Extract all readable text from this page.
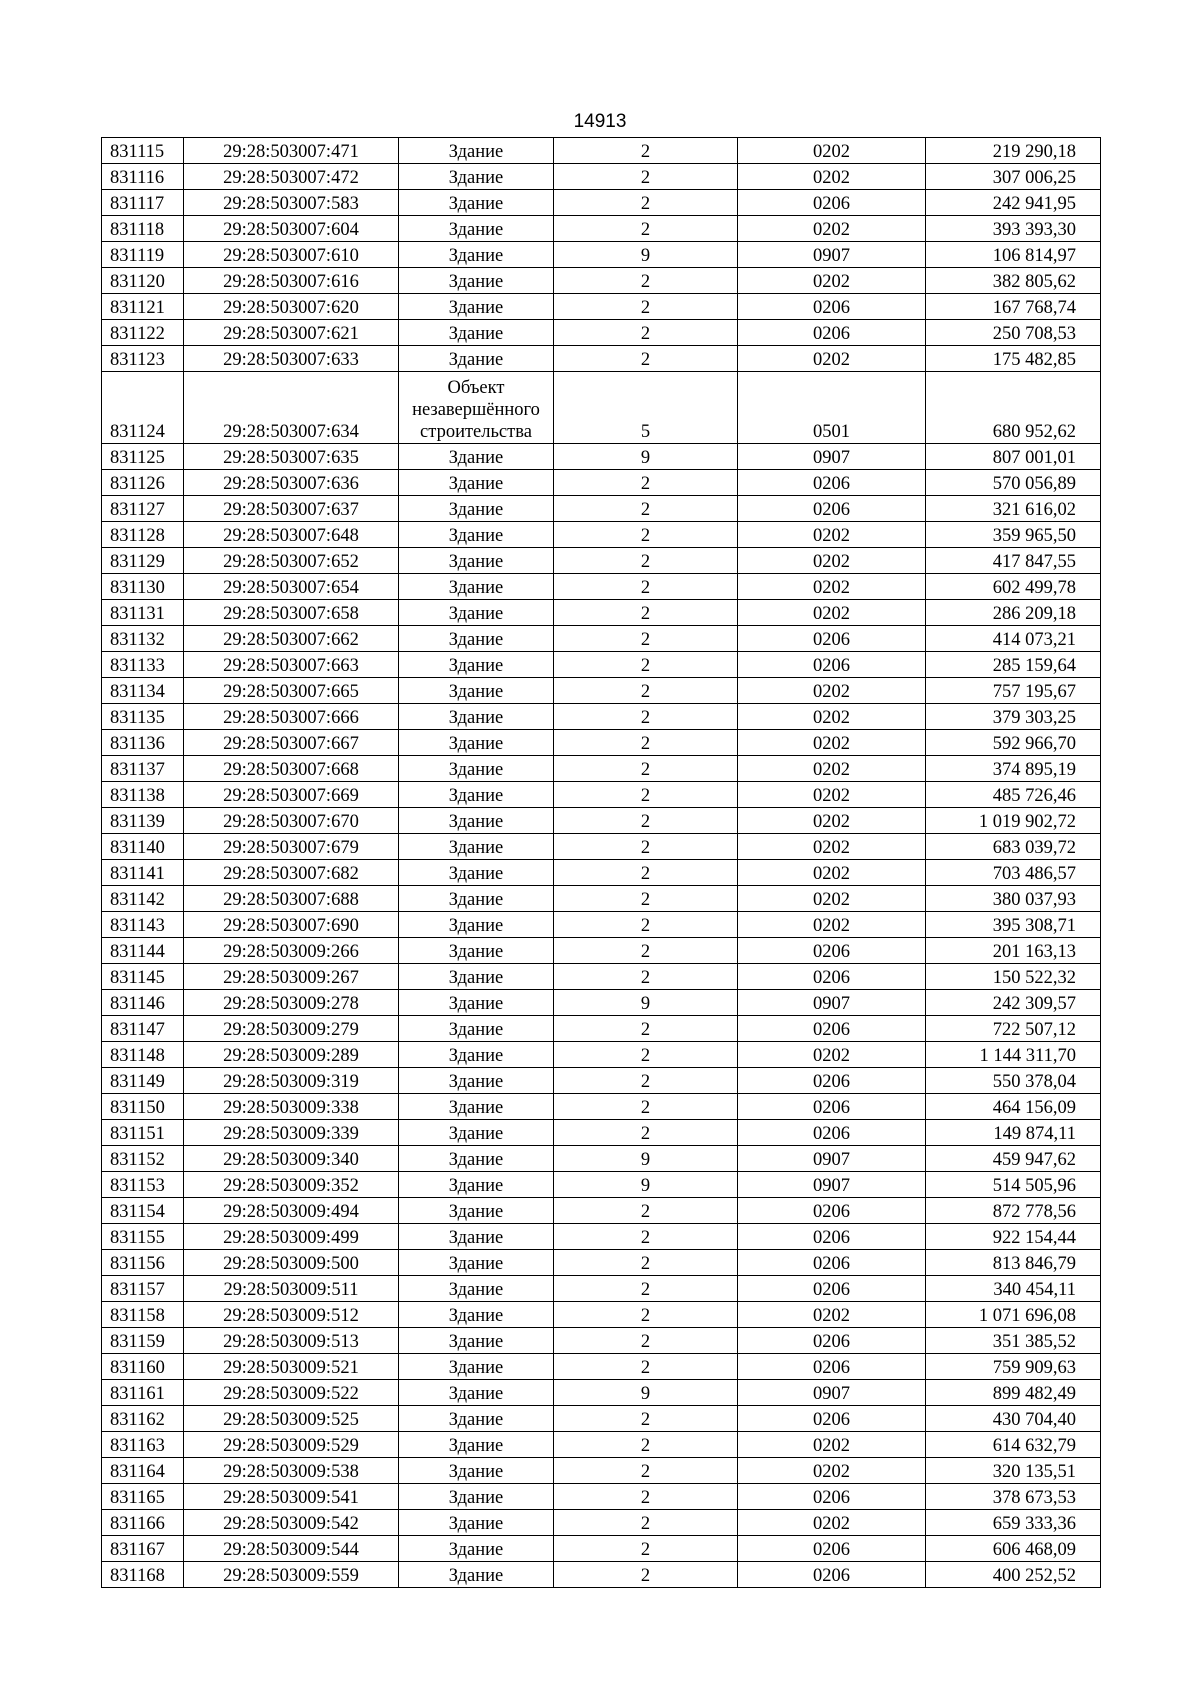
14913
831115	29:28:503007:471	Здание	2	0202	219 290,18
831116	29:28:503007:472	Здание	2	0202	307 006,25
831117	29:28:503007:583	Здание	2	0206	242 941,95
831118	29:28:503007:604	Здание	2	0202	393 393,30
831119	29:28:503007:610	Здание	9	0907	106 814,97
831120	29:28:503007:616	Здание	2	0202	382 805,62
831121	29:28:503007:620	Здание	2	0206	167 768,74
831122	29:28:503007:621	Здание	2	0206	250 708,53
831123	29:28:503007:633	Здание	2	0202	175 482,85
831124	29:28:503007:634	Объект незавершённого строительства	5	0501	680 952,62
831125	29:28:503007:635	Здание	9	0907	807 001,01
831126	29:28:503007:636	Здание	2	0206	570 056,89
831127	29:28:503007:637	Здание	2	0206	321 616,02
831128	29:28:503007:648	Здание	2	0202	359 965,50
831129	29:28:503007:652	Здание	2	0202	417 847,55
831130	29:28:503007:654	Здание	2	0202	602 499,78
831131	29:28:503007:658	Здание	2	0202	286 209,18
831132	29:28:503007:662	Здание	2	0206	414 073,21
831133	29:28:503007:663	Здание	2	0206	285 159,64
831134	29:28:503007:665	Здание	2	0202	757 195,67
831135	29:28:503007:666	Здание	2	0202	379 303,25
831136	29:28:503007:667	Здание	2	0202	592 966,70
831137	29:28:503007:668	Здание	2	0202	374 895,19
831138	29:28:503007:669	Здание	2	0202	485 726,46
831139	29:28:503007:670	Здание	2	0202	1 019 902,72
831140	29:28:503007:679	Здание	2	0202	683 039,72
831141	29:28:503007:682	Здание	2	0202	703 486,57
831142	29:28:503007:688	Здание	2	0202	380 037,93
831143	29:28:503007:690	Здание	2	0202	395 308,71
831144	29:28:503009:266	Здание	2	0206	201 163,13
831145	29:28:503009:267	Здание	2	0206	150 522,32
831146	29:28:503009:278	Здание	9	0907	242 309,57
831147	29:28:503009:279	Здание	2	0206	722 507,12
831148	29:28:503009:289	Здание	2	0202	1 144 311,70
831149	29:28:503009:319	Здание	2	0206	550 378,04
831150	29:28:503009:338	Здание	2	0206	464 156,09
831151	29:28:503009:339	Здание	2	0206	149 874,11
831152	29:28:503009:340	Здание	9	0907	459 947,62
831153	29:28:503009:352	Здание	9	0907	514 505,96
831154	29:28:503009:494	Здание	2	0206	872 778,56
831155	29:28:503009:499	Здание	2	0206	922 154,44
831156	29:28:503009:500	Здание	2	0206	813 846,79
831157	29:28:503009:511	Здание	2	0206	340 454,11
831158	29:28:503009:512	Здание	2	0202	1 071 696,08
831159	29:28:503009:513	Здание	2	0206	351 385,52
831160	29:28:503009:521	Здание	2	0206	759 909,63
831161	29:28:503009:522	Здание	9	0907	899 482,49
831162	29:28:503009:525	Здание	2	0206	430 704,40
831163	29:28:503009:529	Здание	2	0202	614 632,79
831164	29:28:503009:538	Здание	2	0202	320 135,51
831165	29:28:503009:541	Здание	2	0206	378 673,53
831166	29:28:503009:542	Здание	2	0202	659 333,36
831167	29:28:503009:544	Здание	2	0206	606 468,09
831168	29:28:503009:559	Здание	2	0206	400 252,52
